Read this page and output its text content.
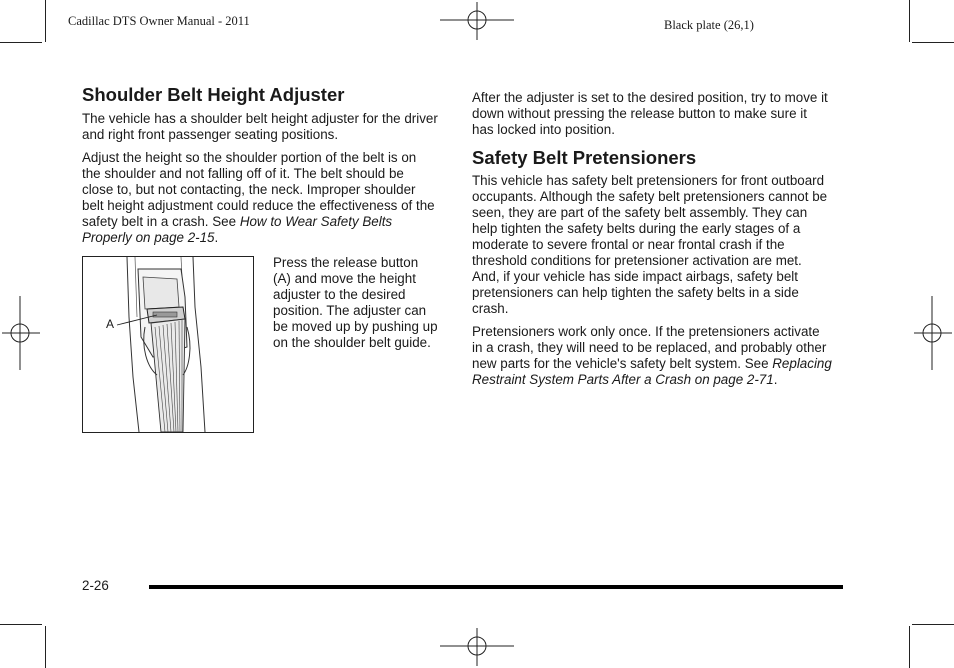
Cadillac DTS Owner Manual - 2011	Black plate (26,1)
Shoulder Belt Height Adjuster

The vehicle has a shoulder belt height adjuster for the driver and right front passenger seating positions.

Adjust the height so the shoulder portion of the belt is on the shoulder and not falling off of it. The belt should be close to, but not contacting, the neck. Improper shoulder belt height adjustment could reduce the effectiveness of the safety belt in a crash. See How to Wear Safety Belts Properly on page 2-15.

A

Press the release button (A) and move the height adjuster to the desired position. The adjuster can be moved up by pushing up on the shoulder belt guide.

After the adjuster is set to the desired position, try to move it down without pressing the release button to make sure it has locked into position.

Safety Belt Pretensioners

This vehicle has safety belt pretensioners for front outboard occupants. Although the safety belt pretensioners cannot be seen, they are part of the safety belt assembly. They can help tighten the safety belts during the early stages of a moderate to severe frontal or near frontal crash if the threshold conditions for pretensioner activation are met. And, if your vehicle has side impact airbags, safety belt pretensioners can help tighten the safety belts in a side crash.

Pretensioners work only once. If the pretensioners activate in a crash, they will need to be replaced, and probably other new parts for the vehicle's safety belt system. See Replacing Restraint System Parts After a Crash on page 2-71.

2-26
